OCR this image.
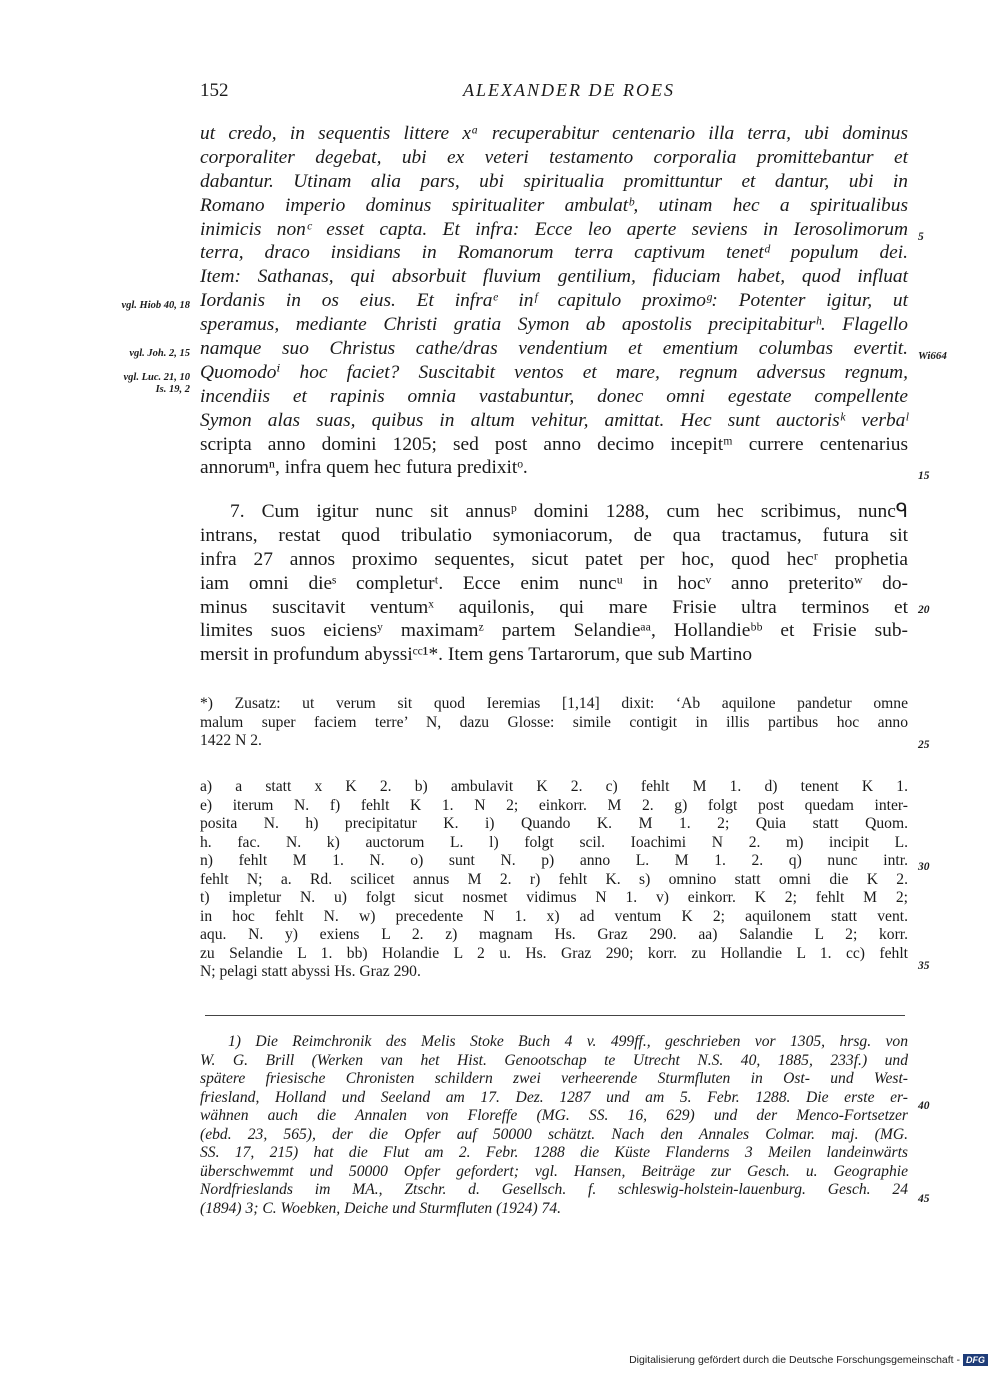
152	ALEXANDER DE ROES
ut credo, in sequentis littere xᵃ recuperabitur centenario illa terra, ubi dominus
corporaliter degebat, ubi ex veteri testamento corporalia promittebantur et
dabantur. Utinam alia pars, ubi spiritualia promittuntur et dantur, ubi in
Romano imperio dominus spiritualiter ambulatᵇ, utinam hec a spiritualibus
inimicis nonᶜ esset capta. Et infra: Ecce leo aperte seviens in Ierosolimorum
terra, draco insidians in Romanorum terra captivum tenetᵈ populum dei.
Item: Sathanas, qui absorbuit fluvium gentilium, fiduciam habet, quod influat
Iordanis in os eius. Et infraᵉ inᶠ capitulo proximoᵍ: Potenter igitur, ut
speramus, mediante Christi gratia Symon ab apostolis precipitabiturʰ. Flagello
namque suo Christus cathe/dras vendentium et ementium columbas evertit.
Quomodoⁱ hoc faciet? Suscitabit ventos et mare, regnum adversus regnum,
incendiis et rapinis omnia vastabuntur, donec omni egestate compellente
Symon alas suas, quibus in altum vehitur, amittat. Hec sunt auctorisᵏ verbaˡ
scripta anno domini 1205; sed post anno decimo incepitᵐ currere centenarius
annorumⁿ, infra quem hec futura predixitᵒ.
7. Cum igitur nunc sit annusᵖ domini 1288, cum hec scribimus, nuncᑫ
intrans, restat quod tribulatio symoniacorum, de qua tractamus, futura sit
infra 27 annos proximo sequentes, sicut patet per hoc, quod hecʳ prophetia
iam omni dieˢ completurᵗ. Ecce enim nuncᵘ in hocᵛ anno preteritoʷ do-
minus suscitavit ventumˣ aquilonis, qui mare Frisie ultra terminos et
limites suos eiciensʸ maximamᶻ partem Selandieᵃᵃ, Hollandieᵇᵇ et Frisie sub-
mersit in profundum abyssiᶜᶜ¹*. Item gens Tartarorum, que sub Martino
*) Zusatz: ut verum sit quod Ieremias [1,14] dixit: ‘Ab aquilone pandetur omne
malum super faciem terre’ N, dazu Glosse: simile contigit in illis partibus hoc anno
1422 N 2.
a) a statt x K 2. b) ambulavit K 2. c) fehlt M 1. d) tenent K 1.
e) iterum N. f) fehlt K 1. N 2; einkorr. M 2. g) folgt post quedam inter-
posita N. h) precipitatur K. i) Quando K. M 1. 2; Quia statt Quom.
h. fac. N. k) auctorum L. l) folgt scil. Ioachimi N 2. m) incipit L.
n) fehlt M 1. N. o) sunt N. p) anno L. M 1. 2. q) nunc intr.
fehlt N; a. Rd. scilicet annus M 2. r) fehlt K. s) omnino statt omni die K 2.
t) impletur N. u) folgt sicut nosmet vidimus N 1. v) einkorr. K 2; fehlt M 2;
in hoc fehlt N. w) precedente N 1. x) ad ventum K 2; aquilonem statt vent.
aqu. N. y) exiens L 2. z) magnam Hs. Graz 290. aa) Salandie L 2; korr.
zu Selandie L 1. bb) Holandie L 2 u. Hs. Graz 290; korr. zu Hollandie L 1. cc) fehlt
N; pelagi statt abyssi Hs. Graz 290.
1) Die Reimchronik des Melis Stoke Buch 4 v. 499ff., geschrieben vor 1305, hrsg. von
W. G. Brill (Werken van het Hist. Genootschap te Utrecht N.S. 40, 1885, 233f.) und
spätere friesische Chronisten schildern zwei verheerende Sturmfluten in Ost- und West-
friesland, Holland und Seeland am 17. Dez. 1287 und am 5. Febr. 1288. Die erste er-
wähnen auch die Annalen von Floreffe (MG. SS. 16, 629) und der Menco-Fortsetzer
(ebd. 23, 565), der die Opfer auf 50000 schätzt. Nach den Annales Colmar. maj. (MG.
SS. 17, 215) hat die Flut am 2. Febr. 1288 die Küste Flanderns 3 Meilen landeinwärts
überschwemmt und 50000 Opfer gefordert; vgl. Hansen, Beiträge zur Gesch. u. Geographie
Nordfrieslands im MA., Ztschr. d. Gesellsch. f. schleswig-holstein-lauenburg. Gesch. 24
(1894) 3; C. Woebken, Deiche und Sturmfluten (1924) 74.
vgl. Hiob 40, 18
vgl. Joh. 2, 15
vgl. Luc. 21, 10
Is. 19, 2
Wi664
5
15
20
25
30
35
40
45
Digitalisierung gefördert durch die Deutsche Forschungsgemeinschaft - DFG
